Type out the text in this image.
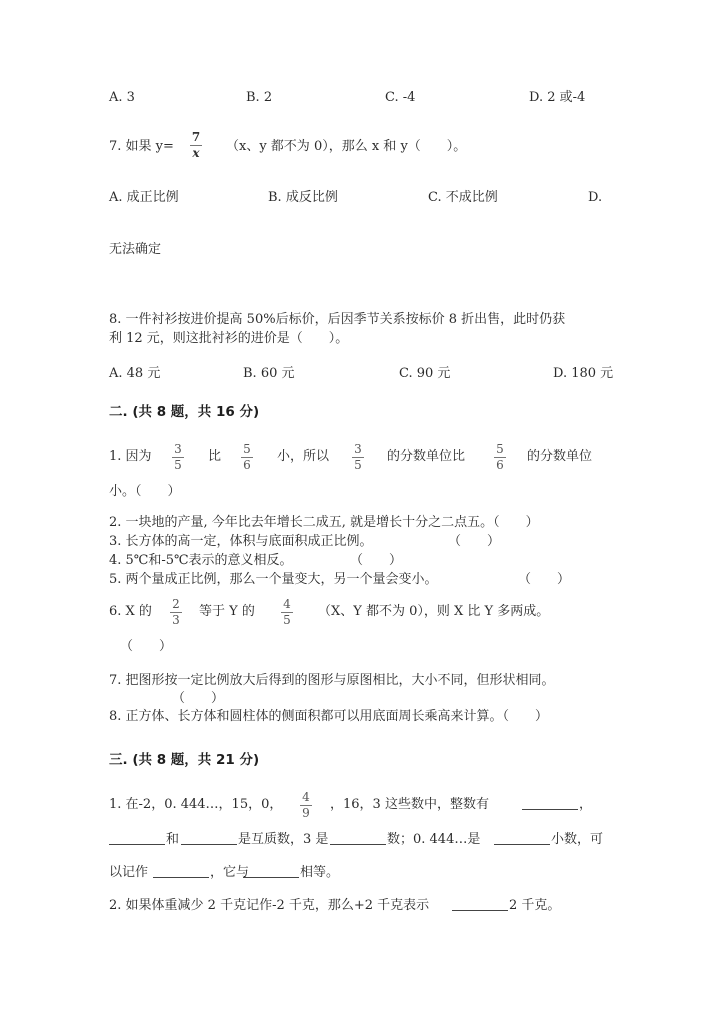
A. 3	B. 2	C. -4	D. 2 或-4
7. 如果 y=
7
x （x、y 都不为 0），那么 x 和 y（　　）。
A. 成正比例	B. 成反比例	C. 不成比例	D.
无法确定
8. 一件衬衫按进价提高 50%后标价，后因季节关系按标价 8 折出售，此时仍获
利 12 元，则这批衬衫的进价是（　　）。
A. 48 元	B. 60 元	C. 90 元	D. 180 元
二. (共 8 题，共 16 分)
1. 因为 3
5
比 5
6
小，所以 3
5
的分数单位比	5
6
的分数单位
小。（　　）
2. 一块地的产量, 今年比去年增长二成五, 就是增长十分之二点五。（　　）
3. 长方体的高一定，体积与底面积成正比例。	（　　）
4. 5℃和-5℃表示的意义相反。	（　　）
5. 两个量成正比例，那么一个量变大，另一个量会变小。	（　　）
6. X 的 2
3
等于 Y 的 4
5
（X、Y 都不为 0），则 X 比 Y 多两成。
（　　）
7. 把图形按一定比例放大后得到的图形与原图相比，大小不同，但形状相同。
（　　）
8. 正方体、长方体和圆柱体的侧面积都可以用底面周长乘高来计算。（　　）
三. (共 8 题，共 21 分)
1. 在-2，0. 444…，15，0， 4
9
，16，3 这些数中，整数有	，
和	是互质数，3 是	数；0. 444…是	小数，可
以记作	，它与	相等。
2. 如果体重减少 2 千克记作-2 千克，那么+2 千克表示	2 千克。
